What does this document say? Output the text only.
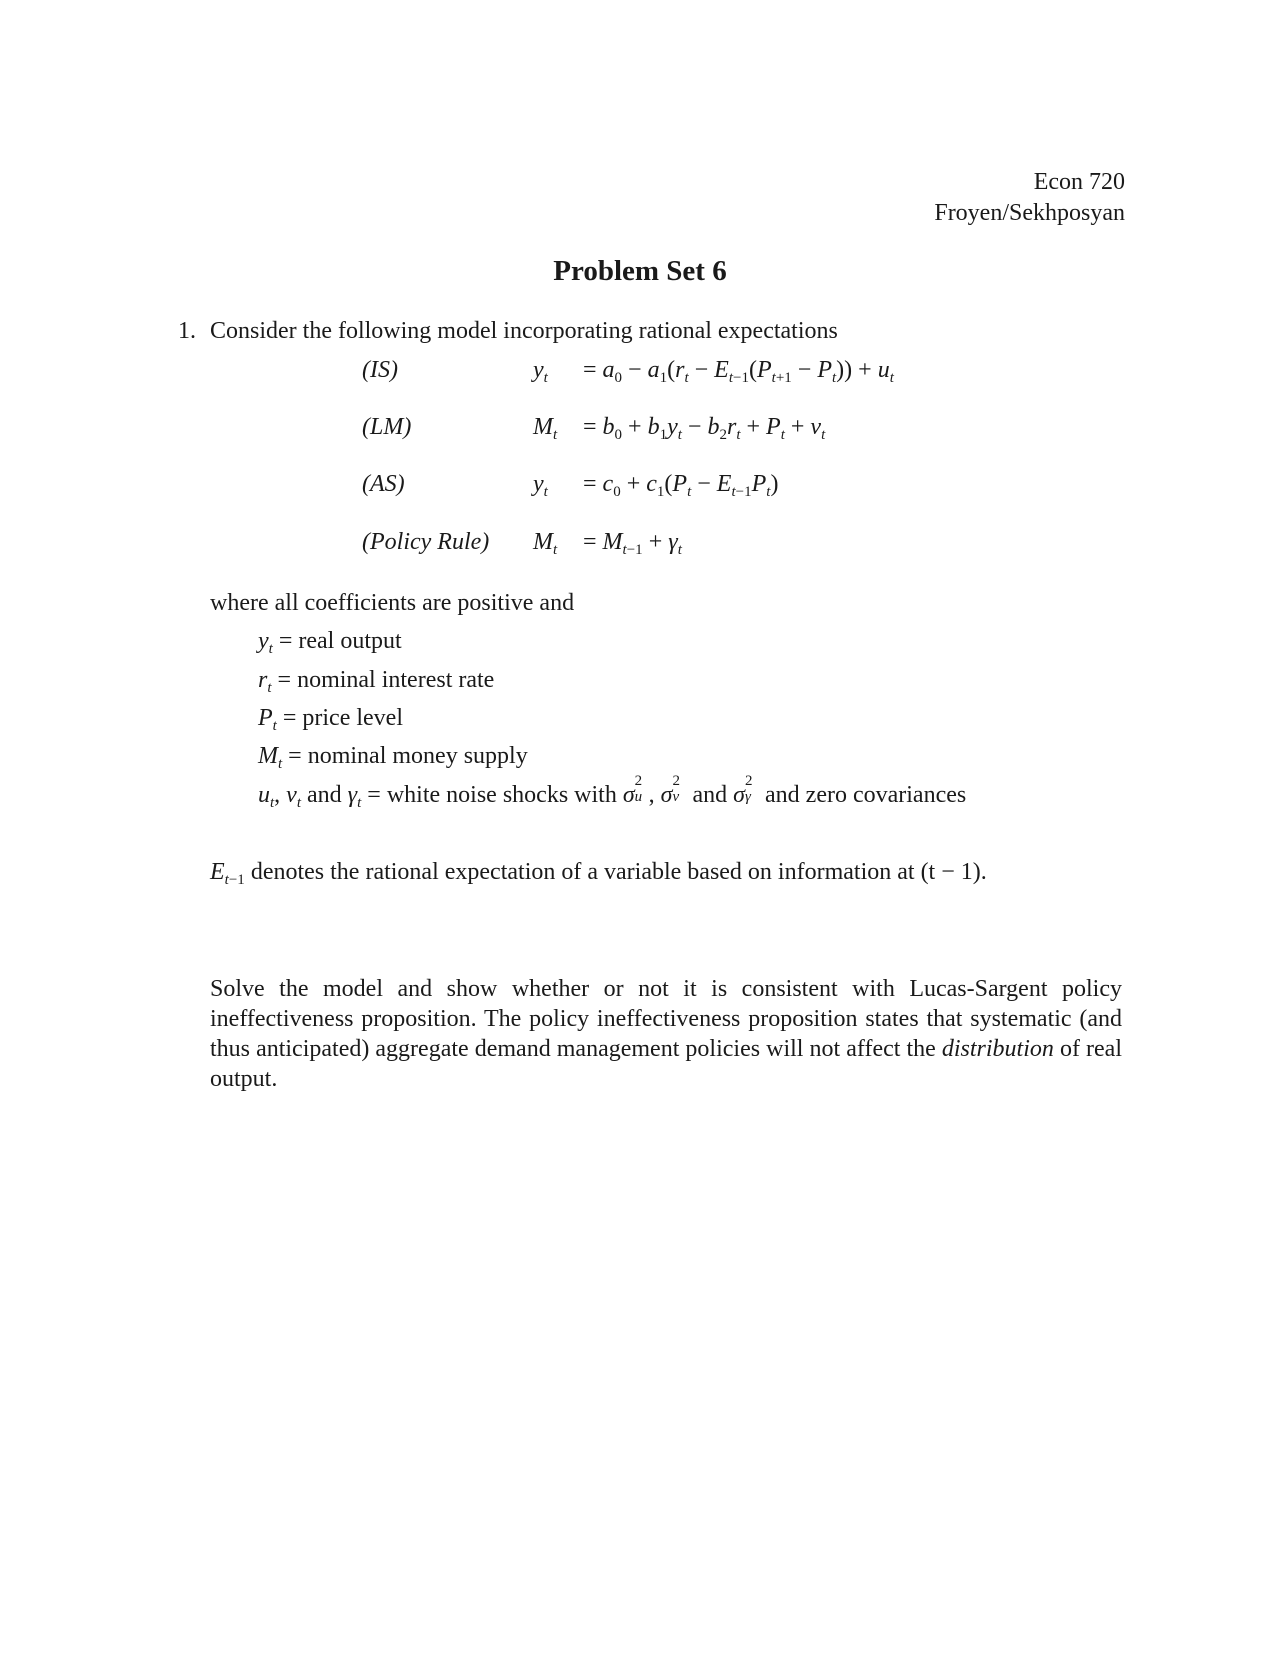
Econ 720
Froyen/Sekhposyan
Problem Set 6
1. Consider the following model incorporating rational expectations
(IS)	$y_t = a_0 - a_1(r_t - E_{t-1}(P_{t+1} - P_t)) + u_t$
(LM)	$M_t = b_0 + b_1y_t - b_2r_t + P_t + v_t$
(AS)	$y_t = c_0 + c_1(P_t - E_{t-1}P_t)$
(Policy Rule) $M_t = M_{t-1} + \gamma_t$
where all coefficients are positive and
$y_t$ = real output
$r_t$ = nominal interest rate
$P_t$ = price level
$M_t$ = nominal money supply
$u_t$, $v_t$ and $\gamma_t$ = white noise shocks with σ
2
u , σ
2
v and σ
2
γ and zero covariances
$E_{t-1}$ denotes the rational expectation of a variable based on information at (t − 1).
Solve the model and show whether or not it is consistent with Lucas-Sargent policy ineffectiveness proposition. The policy ineffectiveness proposition states that systematic (and thus anticipated) aggregate demand management policies will not affect the distribution of real output.
